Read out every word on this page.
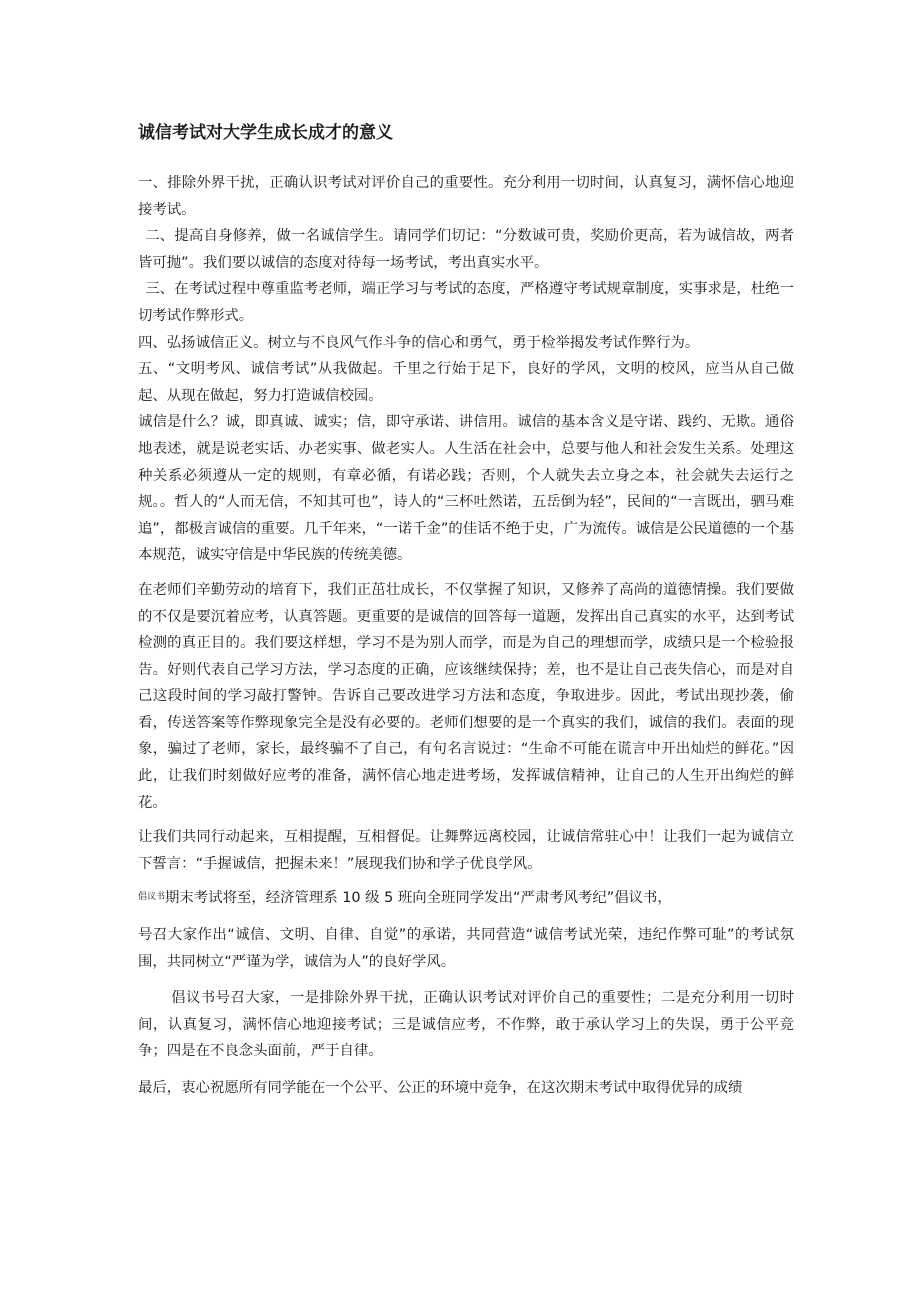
诚信考试对大学生成长成才的意义

一、排除外界干扰，正确认识考试对评价自己的重要性。充分利用一切时间，认真复习，满怀信心地迎接考试。

二、提高自身修养，做一名诚信学生。请同学们切记：“分数诚可贵，奖励价更高，若为诚信故，两者皆可抛”。我们要以诚信的态度对待每一场考试，考出真实水平。

三、在考试过程中尊重监考老师，端正学习与考试的态度，严格遵守考试规章制度，实事求是，杜绝一切考试作弊形式。

四、弘扬诚信正义。树立与不良风气作斗争的信心和勇气，勇于检举揭发考试作弊行为。

五、“文明考风、诚信考试”从我做起。千里之行始于足下，良好的学风，文明的校风，应当从自己做起、从现在做起，努力打造诚信校园。

诚信是什么？诚，即真诚、诚实；信，即守承诺、讲信用。诚信的基本含义是守诺、践约、无欺。通俗地表述，就是说老实话、办老实事、做老实人。人生活在社会中，总要与他人和社会发生关系。处理这种关系必须遵从一定的规则，有章必循，有诺必践；否则，个人就失去立身之本，社会就失去运行之规。。哲人的“人而无信，不知其可也”，诗人的“三杯吐然诺，五岳倒为轻”，民间的“一言既出，驷马难追”，都极言诚信的重要。几千年来，“一诺千金”的佳话不绝于史，广为流传。诚信是公民道德的一个基本规范，诚实守信是中华民族的传统美德。

在老师们辛勤劳动的培育下，我们正茁壮成长，不仅掌握了知识，又修养了高尚的道德情操。我们要做的不仅是要沉着应考，认真答题。更重要的是诚信的回答每一道题，发挥出自己真实的水平，达到考试检测的真正目的。我们要这样想，学习不是为别人而学，而是为自己的理想而学，成绩只是一个检验报告。好则代表自己学习方法，学习态度的正确，应该继续保持；差，也不是让自己丧失信心，而是对自己这段时间的学习敲打警钟。告诉自己要改进学习方法和态度，争取进步。因此，考试出现抄袭，偷看，传送答案等作弊现象完全是没有必要的。老师们想要的是一个真实的我们，诚信的我们。表面的现象，骗过了老师，家长，最终骗不了自己，有句名言说过：“生命不可能在谎言中开出灿烂的鲜花。”因此，让我们时刻做好应考的准备，满怀信心地走进考场，发挥诚信精神，让自己的人生开出绚烂的鲜花。

让我们共同行动起来，互相提醒，互相督促。让舞弊远离校园，让诚信常驻心中！让我们一起为诚信立下誓言：“手握诚信，把握未来！”展现我们协和学子优良学风。

$^{倡议书}$期末考试将至，经济管理系 10 级 5 班向全班同学发出“严肃考风考纪”倡议书，

号召大家作出“诚信、文明、自律、自觉”的承诺，共同营造“诚信考试光荣，违纪作弊可耻”的考试氛围，共同树立“严谨为学，诚信为人”的良好学风。

倡议书号召大家，一是排除外界干扰，正确认识考试对评价自己的重要性；二是充分利用一切时间，认真复习，满怀信心地迎接考试；三是诚信应考，不作弊，敢于承认学习上的失误，勇于公平竞争；四是在不良念头面前，严于自律。

最后，衷心祝愿所有同学能在一个公平、公正的环境中竞争，在这次期末考试中取得优异的成绩
